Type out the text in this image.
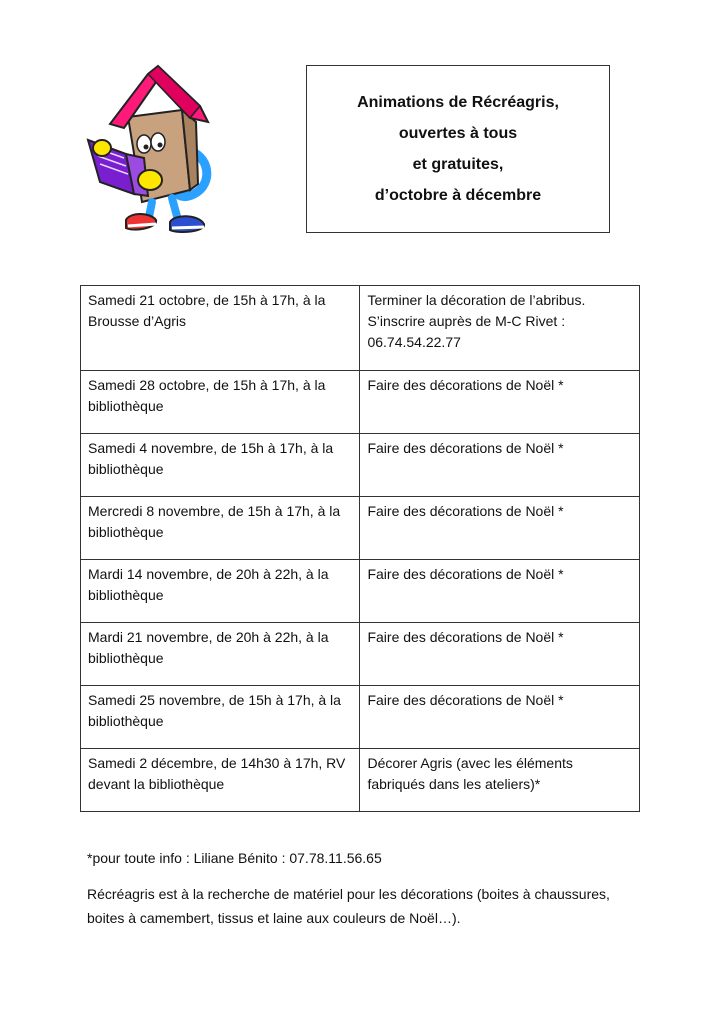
Animations de Récréagris,
ouvertes à tous
et gratuites,
d’octobre à décembre
Samedi 21 octobre, de 15h à 17h, à la Brousse d’Agris	Terminer la décoration de l’abribus.
S’inscrire auprès de M-C Rivet :
06.74.54.22.77

Samedi 28 octobre, de 15h à 17h, à la bibliothèque	Faire des décorations de Noël *
Samedi 4 novembre, de 15h à 17h, à la bibliothèque	Faire des décorations de Noël *
Mercredi 8 novembre, de 15h à 17h, à la bibliothèque	Faire des décorations de Noël *
Mardi 14 novembre, de 20h à 22h, à la bibliothèque	Faire des décorations de Noël *
Mardi 21 novembre, de 20h à 22h, à la bibliothèque	Faire des décorations de Noël *
Samedi 25 novembre, de 15h à 17h, à la bibliothèque	Faire des décorations de Noël *
Samedi 2 décembre, de 14h30 à 17h, RV devant la bibliothèque	Décorer Agris (avec les éléments fabriqués dans les ateliers)*
*pour toute info : Liliane Bénito : 07.78.11.56.65
Récréagris est à la recherche de matériel pour les décorations (boites à chaussures, boites à camembert, tissus et laine aux couleurs de Noël…).
